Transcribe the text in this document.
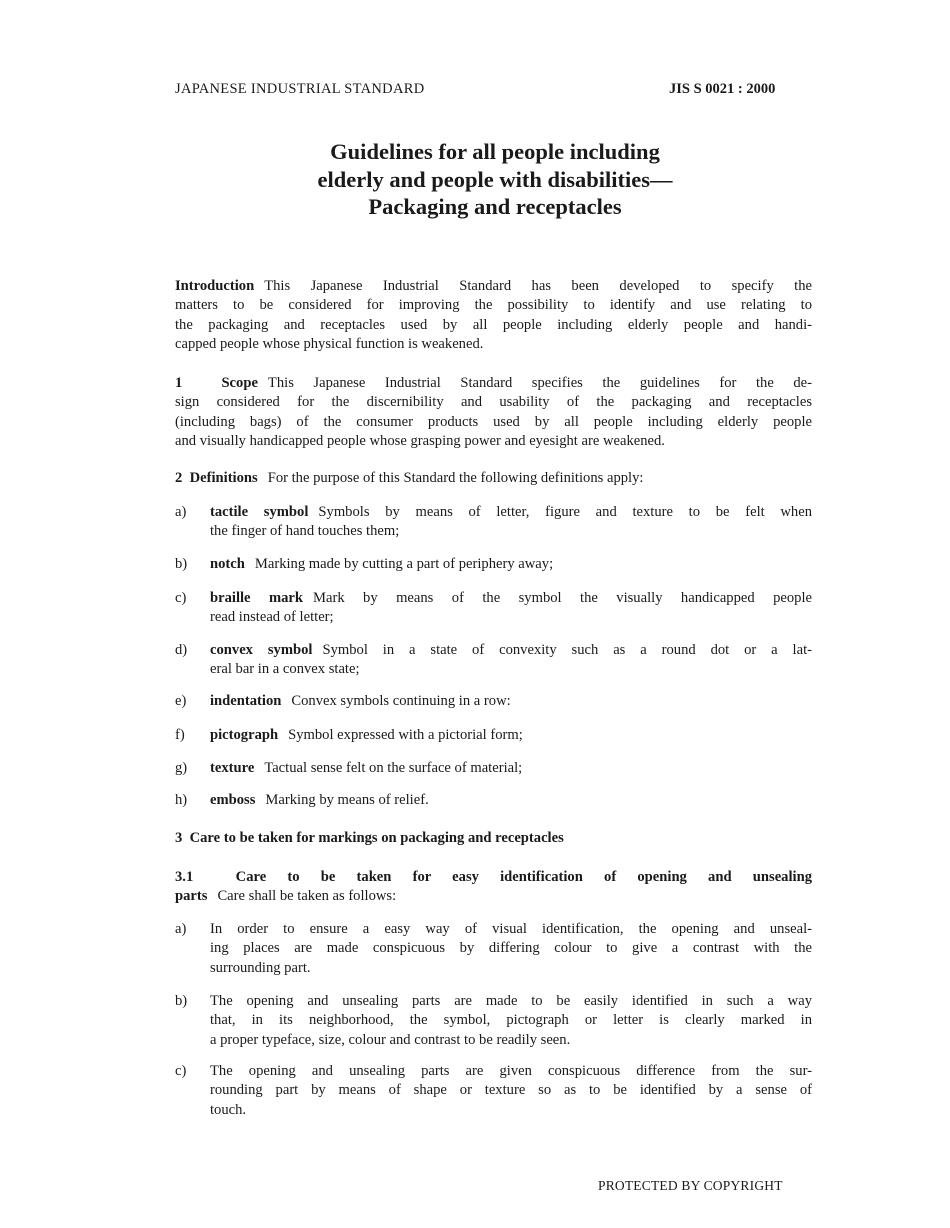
JAPANESE INDUSTRIAL STANDARD	JIS S 0021 : 2000
Guidelines for all people including
elderly and people with disabilities—
Packaging and receptacles
Introduction This Japanese Industrial Standard has been developed to specify the
matters to be considered for improving the possibility to identify and use relating to
the packaging and receptacles used by all people including elderly people and handi-
capped people whose physical function is weakened.
1	Scope This Japanese Industrial Standard specifies the guidelines for the de-
sign considered for the discernibility and usability of the packaging and receptacles
(including bags) of the consumer products used by all people including elderly people
and visually handicapped people whose grasping power and eyesight are weakened.
2 Definitions For the purpose of this Standard the following definitions apply:
a) tactile symbol Symbols by means of letter, figure and texture to be felt when
the finger of hand touches them;
b) notch Marking made by cutting a part of periphery away;
c) braille mark Mark by means of the symbol the visually handicapped people
read instead of letter;
d) convex symbol Symbol in a state of convexity such as a round dot or a lat-
eral bar in a convex state;
e) indentation Convex symbols continuing in a row:
f) pictograph Symbol expressed with a pictorial form;
g) texture Tactual sense felt on the surface of material;
h) emboss Marking by means of relief.
3 Care to be taken for markings on packaging and receptacles
3.1	Care to be taken for easy identification of opening and unsealing
parts Care shall be taken as follows:
a) In order to ensure a easy way of visual identification, the opening and unseal-
ing places are made conspicuous by differing colour to give a contrast with the
surrounding part.
b) The opening and unsealing parts are made to be easily identified in such a way
that, in its neighborhood, the symbol, pictograph or letter is clearly marked in
a proper typeface, size, colour and contrast to be readily seen.
c) The opening and unsealing parts are given conspicuous difference from the sur-
rounding part by means of shape or texture so as to be identified by a sense of
touch.
PROTECTED BY COPYRIGHT
